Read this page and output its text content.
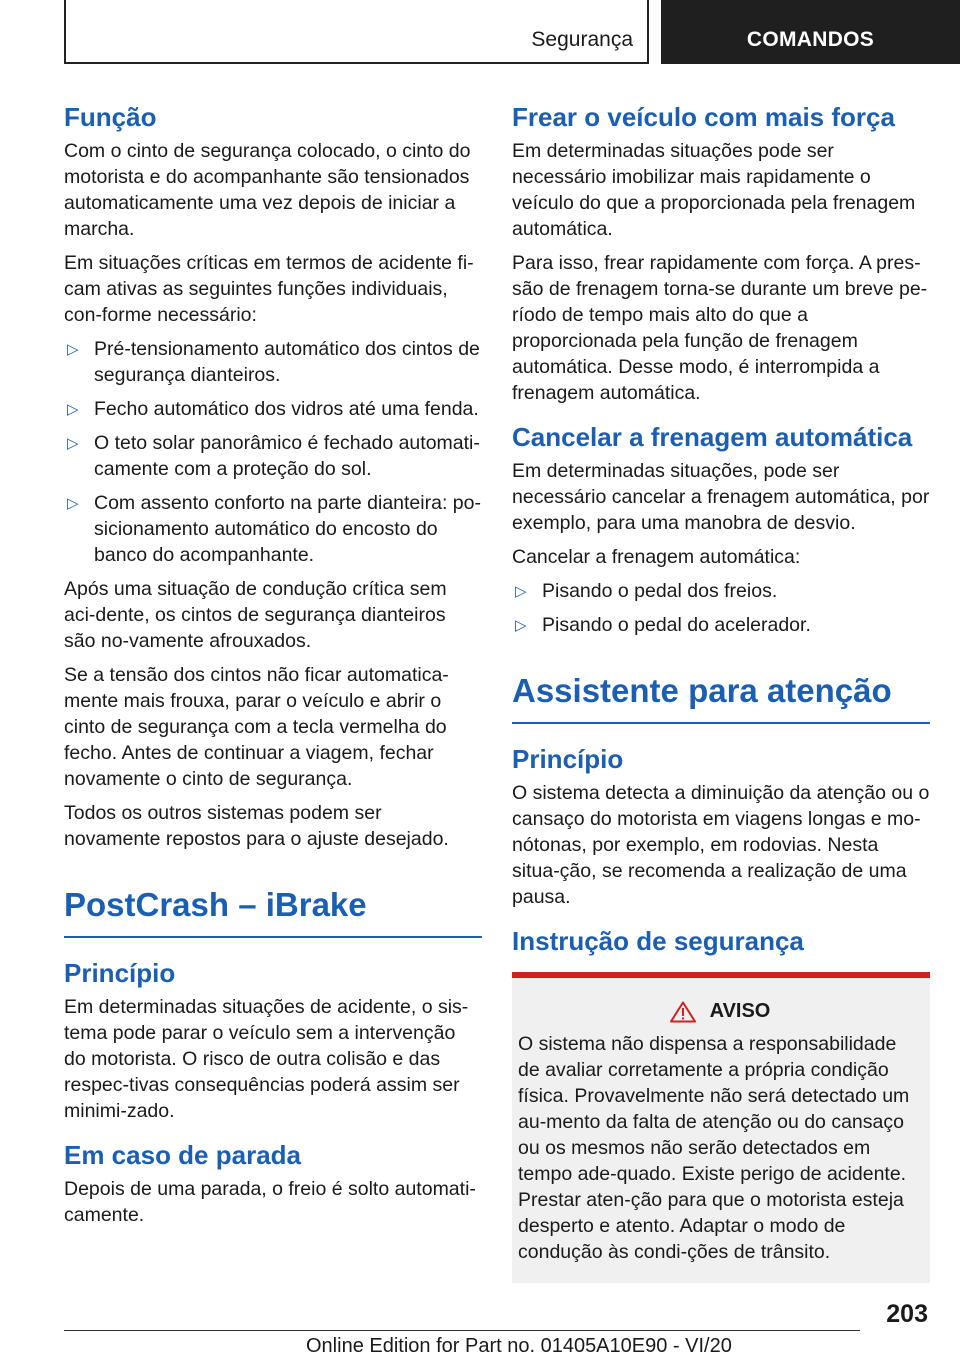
Segurança	COMANDOS
Função

Com o cinto de segurança colocado, o cinto do motorista e do acompanhante são tensionados automaticamente uma vez depois de iniciar a marcha.

Em situações críticas em termos de acidente fi-cam ativas as seguintes funções individuais, con-forme necessário:

▷ Pré-tensionamento automático dos cintos de segurança dianteiros.
▷ Fecho automático dos vidros até uma fenda.
▷ O teto solar panorâmico é fechado automati-camente com a proteção do sol.
▷ Com assento conforto na parte dianteira: po-sicionamento automático do encosto do banco do acompanhante.

Após uma situação de condução crítica sem aci-dente, os cintos de segurança dianteiros são no-vamente afrouxados.

Se a tensão dos cintos não ficar automatica-mente mais frouxa, parar o veículo e abrir o cinto de segurança com a tecla vermelha do fecho. Antes de continuar a viagem, fechar novamente o cinto de segurança.

Todos os outros sistemas podem ser novamente repostos para o ajuste desejado.

PostCrash – iBrake
Princípio

Em determinadas situações de acidente, o sis-tema pode parar o veículo sem a intervenção do motorista. O risco de outra colisão e das respec-tivas consequências poderá assim ser minimi-zado.

Em caso de parada

Depois de uma parada, o freio é solto automati-camente.

Frear o veículo com mais força

Em determinadas situações pode ser necessário imobilizar mais rapidamente o veículo do que a proporcionada pela frenagem automática.

Para isso, frear rapidamente com força. A pres-são de frenagem torna-se durante um breve pe-ríodo de tempo mais alto do que a proporcionada pela função de frenagem automática. Desse modo, é interrompida a frenagem automática.

Cancelar a frenagem automática

Em determinadas situações, pode ser necessário cancelar a frenagem automática, por exemplo, para uma manobra de desvio.

Cancelar a frenagem automática:

▷ Pisando o pedal dos freios.
▷ Pisando o pedal do acelerador.
Assistente para atenção
Princípio

O sistema detecta a diminuição da atenção ou o cansaço do motorista em viagens longas e mo-nótonas, por exemplo, em rodovias. Nesta situa-ção, se recomenda a realização de uma pausa.

Instrução de segurança
AVISO

O sistema não dispensa a responsabilidade de avaliar corretamente a própria condição física. Provavelmente não será detectado um au-mento da falta de atenção ou do cansaço ou os mesmos não serão detectados em tempo ade-quado. Existe perigo de acidente. Prestar aten-ção para que o motorista esteja desperto e atento. Adaptar o modo de condução às condi-ções de trânsito.

203
Online Edition for Part no. 01405A10E90 - VI/20
